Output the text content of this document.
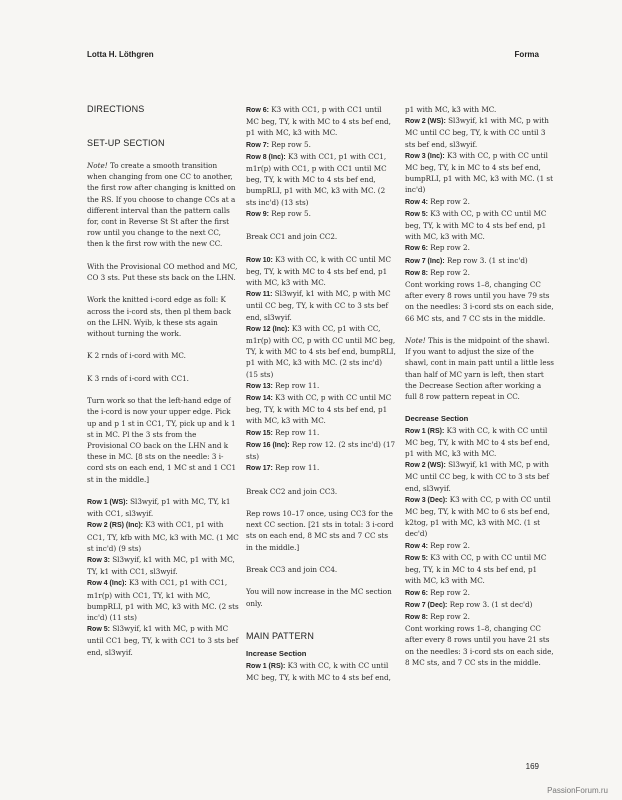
Lotta H. Löthgren	Forma

DIRECTIONS

SET-UP SECTION

Note! To create a smooth transition when changing from one CC to another, the first row after changing is knitted on the RS. If you choose to change CCs at a different interval than the pattern calls for, cont in Reverse St St after the first row until you change to the next CC, then k the first row with the new CC.

With the Provisional CO method and MC, CO 3 sts. Put these sts back on the LHN.

Work the knitted i-cord edge as foll: K across the i-cord sts, then pl them back on the LHN. Wyib, k these sts again without turning the work.

K 2 rnds of i-cord with MC.

K 3 rnds of i-cord with CC1.

Turn work so that the left-hand edge of the i-cord is now your upper edge. Pick up and p 1 st in CC1, TY, pick up and k 1 st in MC. Pl the 3 sts from the Provisional CO back on the LHN and k these in MC. [8 sts on the needle: 3 i-cord sts on each end, 1 MC st and 1 CC1 st in the middle.]

Row 1 (WS): Sl3wyif, p1 with MC, TY, k1 with CC1, sl3wyif.

Row 2 (RS) (Inc): K3 with CC1, p1 with CC1, TY, kfb with MC, k3 with MC. (1 MC st inc'd) (9 sts)

Row 3: Sl3wyif, k1 with MC, p1 with MC, TY, k1 with CC1, sl3wyif.

Row 4 (Inc): K3 with CC1, p1 with CC1, m1r(p) with CC1, TY, k1 with MC, bumpRLI, p1 with MC, k3 with MC. (2 sts inc'd) (11 sts)

Row 5: Sl3wyif, k1 with MC, p with MC until CC1 beg, TY, k with CC1 to 3 sts bef end, sl3wyif.

Row 6: K3 with CC1, p with CC1 until MC beg, TY, k with MC to 4 sts bef end, p1 with MC, k3 with MC.

Row 7: Rep row 5.

Row 8 (Inc): K3 with CC1, p1 with CC1, m1r(p) with CC1, p with CC1 until MC beg, TY, k with MC to 4 sts bef end, bumpRLI, p1 with MC, k3 with MC. (2 sts inc'd) (13 sts)

Row 9: Rep row 5.

Break CC1 and join CC2.

Row 10: K3 with CC, k with CC until MC beg, TY, k with MC to 4 sts bef end, p1 with MC, k3 with MC.

Row 11: Sl3wyif, k1 with MC, p with MC until CC beg, TY, k with CC to 3 sts bef end, sl3wyif.

Row 12 (Inc): K3 with CC, p1 with CC, m1r(p) with CC, p with CC until MC beg, TY, k with MC to 4 sts bef end, bumpRLI, p1 with MC, k3 with MC. (2 sts inc'd) (15 sts)

Row 13: Rep row 11.

Row 14: K3 with CC, p with CC until MC beg, TY, k with MC to 4 sts bef end, p1 with MC, k3 with MC.

Row 15: Rep row 11.

Row 16 (Inc): Rep row 12. (2 sts inc'd) (17 sts)

Row 17: Rep row 11.

Break CC2 and join CC3.

Rep rows 10–17 once, using CC3 for the next CC section. [21 sts in total: 3 i-cord sts on each end, 8 MC sts and 7 CC sts in the middle.]

Break CC3 and join CC4.

You will now increase in the MC section only.

MAIN PATTERN

Increase Section

Row 1 (RS): K3 with CC, k with CC until MC beg, TY, k with MC to 4 sts bef end,

p1 with MC, k3 with MC.

Row 2 (WS): Sl3wyif, k1 with MC, p with MC until CC beg, TY, k with CC until 3 sts bef end, sl3wyif.

Row 3 (Inc): K3 with CC, p with CC until MC beg, TY, k in MC to 4 sts bef end, bumpRLI, p1 with MC, k3 with MC. (1 st inc'd)

Row 4: Rep row 2.

Row 5: K3 with CC, p with CC until MC beg, TY, k with MC to 4 sts bef end, p1 with MC, k3 with MC.

Row 6: Rep row 2.

Row 7 (Inc): Rep row 3. (1 st inc'd)

Row 8: Rep row 2.

Cont working rows 1–8, changing CC after every 8 rows until you have 79 sts on the needles: 3 i-cord sts on each side, 66 MC sts, and 7 CC sts in the middle.

Note! This is the midpoint of the shawl. If you want to adjust the size of the shawl, cont in main patt until a little less than half of MC yarn is left, then start the Decrease Section after working a full 8 row pattern repeat in CC.

Decrease Section

Row 1 (RS): K3 with CC, k with CC until MC beg, TY, k with MC to 4 sts bef end, p1 with MC, k3 with MC.

Row 2 (WS): Sl3wyif, k1 with MC, p with MC until CC beg, k with CC to 3 sts bef end, sl3wyif.

Row 3 (Dec): K3 with CC, p with CC until MC beg, TY, k with MC to 6 sts bef end, k2tog, p1 with MC, k3 with MC. (1 st dec'd)

Row 4: Rep row 2.

Row 5: K3 with CC, p with CC until MC beg, TY, k in MC to 4 sts bef end, p1 with MC, k3 with MC.

Row 6: Rep row 2.

Row 7 (Dec): Rep row 3. (1 st dec'd)

Row 8: Rep row 2.

Cont working rows 1–8, changing CC after every 8 rows until you have 21 sts on the needles: 3 i-cord sts on each side, 8 MC sts, and 7 CC sts in the middle.

169
PassionForum.ru
